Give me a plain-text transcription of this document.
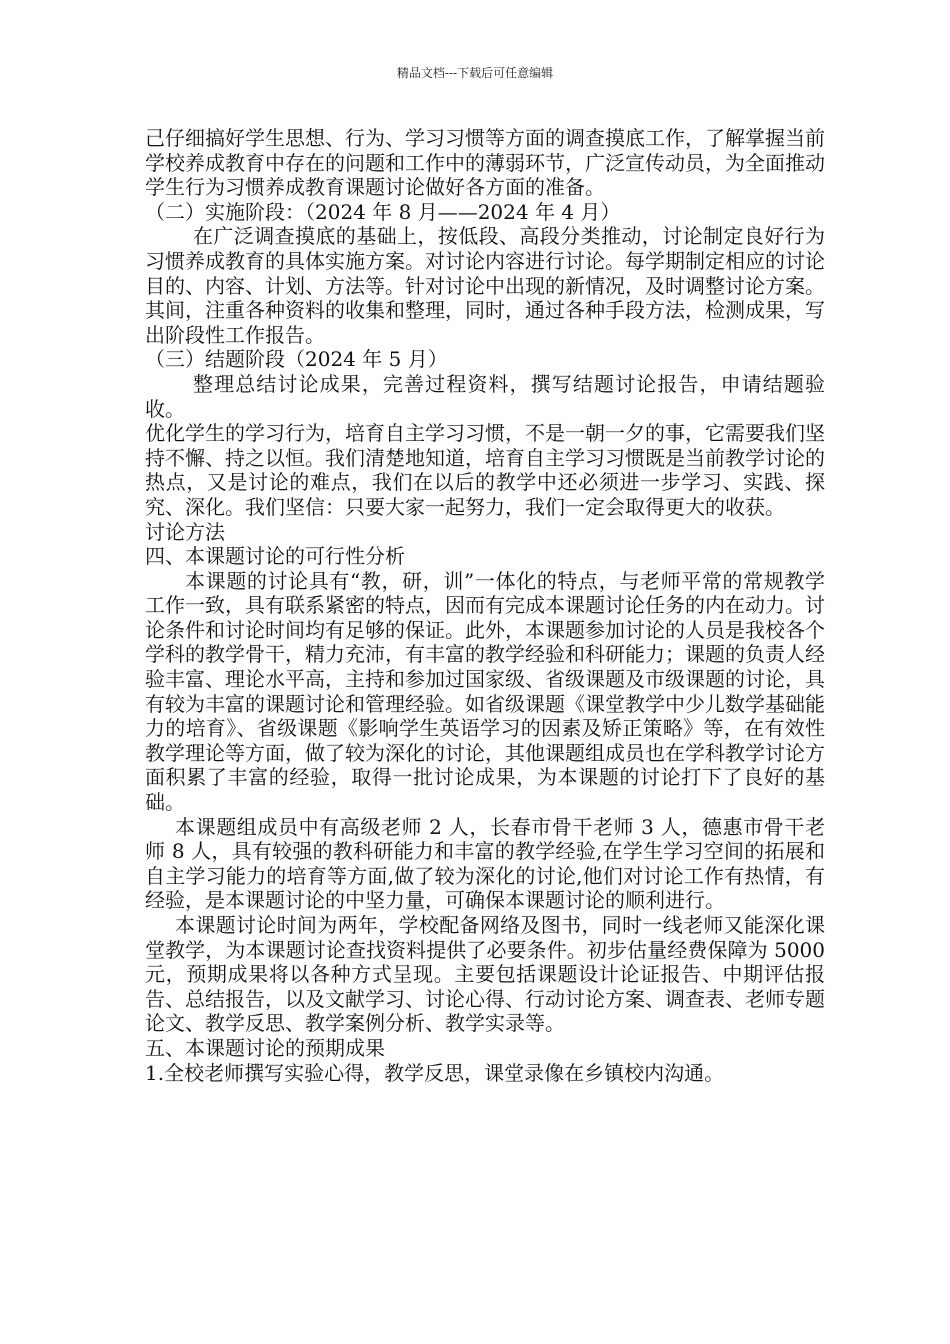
精品文档---下载后可任意编辑

己仔细搞好学生思想、行为、学习习惯等方面的调查摸底工作，了解掌握当前学校养成教育中存在的问题和工作中的薄弱环节，广泛宣传动员，为全面推动学生行为习惯养成教育课题讨论做好各方面的准备。

（二）实施阶段：（2024 年 8 月——2024 年 4 月）

在广泛调查摸底的基础上，按低段、高段分类推动，讨论制定良好行为习惯养成教育的具体实施方案。对讨论内容进行讨论。每学期制定相应的讨论目的、内容、计划、方法等。针对讨论中出现的新情况，及时调整讨论方案。其间，注重各种资料的收集和整理，同时，通过各种手段方法，检测成果，写出阶段性工作报告。

（三）结题阶段（2024 年 5 月）

整理总结讨论成果，完善过程资料，撰写结题讨论报告，申请结题验收。

优化学生的学习行为，培育自主学习习惯，不是一朝一夕的事，它需要我们坚持不懈、持之以恒。我们清楚地知道，培育自主学习习惯既是当前教学讨论的热点，又是讨论的难点，我们在以后的教学中还必须进一步学习、实践、探究、深化。我们坚信：只要大家一起努力，我们一定会取得更大的收获。

讨论方法

四、本课题讨论的可行性分析

本课题的讨论具有“教，研，训”一体化的特点，与老师平常的常规教学工作一致，具有联系紧密的特点，因而有完成本课题讨论任务的内在动力。讨论条件和讨论时间均有足够的保证。此外，本课题参加讨论的人员是我校各个学科的教学骨干，精力充沛，有丰富的教学经验和科研能力；课题的负责人经验丰富、理论水平高，主持和参加过国家级、省级课题及市级课题的讨论，具有较为丰富的课题讨论和管理经验。如省级课题《课堂教学中少儿数学基础能力的培育》、省级课题《影响学生英语学习的因素及矫正策略》等，在有效性教学理论等方面，做了较为深化的讨论，其他课题组成员也在学科教学讨论方面积累了丰富的经验，取得一批讨论成果，为本课题的讨论打下了良好的基础。

本课题组成员中有高级老师 2 人，长春市骨干老师 3 人，德惠市骨干老师 8 人，具有较强的教科研能力和丰富的教学经验,在学生学习空间的拓展和自主学习能力的培育等方面,做了较为深化的讨论,他们对讨论工作有热情，有经验，是本课题讨论的中坚力量，可确保本课题讨论的顺利进行。

本课题讨论时间为两年，学校配备网络及图书，同时一线老师又能深化课堂教学，为本课题讨论查找资料提供了必要条件。初步估量经费保障为 5000 元，预期成果将以各种方式呈现。主要包括课题设计论证报告、中期评估报告、总结报告，以及文献学习、讨论心得、行动讨论方案、调查表、老师专题论文、教学反思、教学案例分析、教学实录等。

五、本课题讨论的预期成果

1.全校老师撰写实验心得，教学反思，课堂录像在乡镇校内沟通。
